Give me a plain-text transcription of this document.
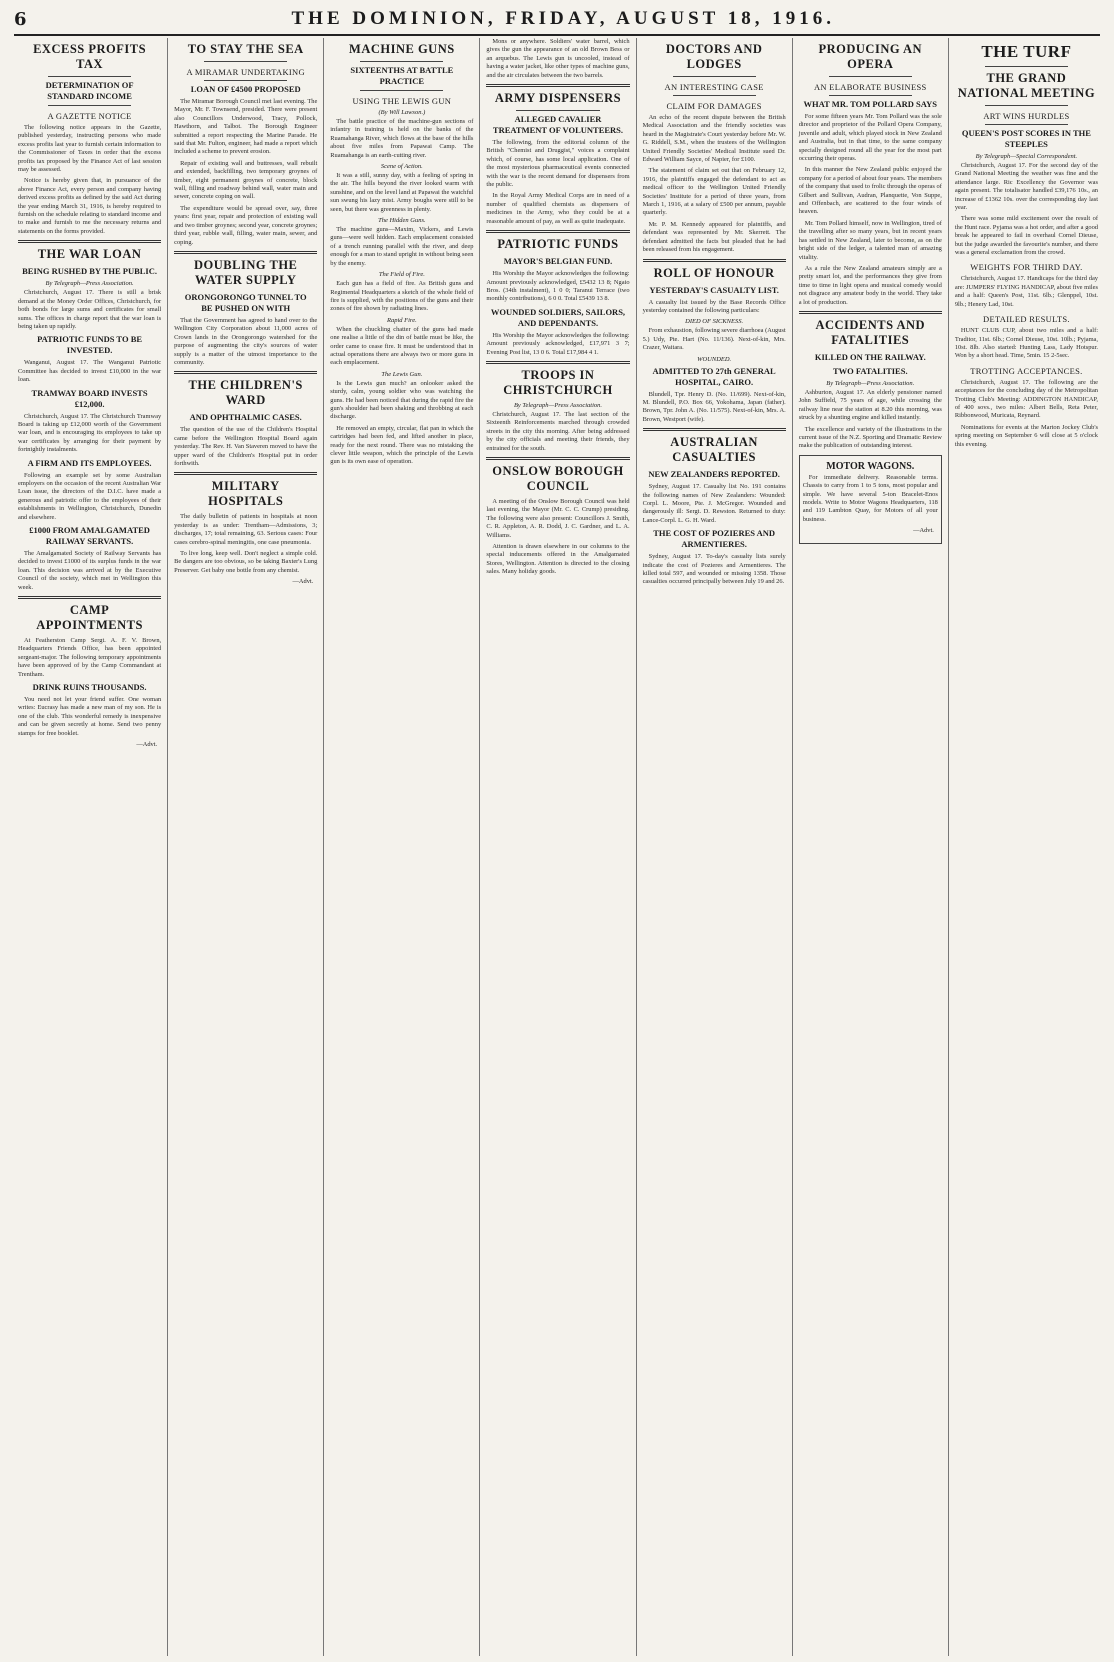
6	THE DOMINION, FRIDAY, AUGUST 18, 1916.
EXCESS PROFITS TAX
DETERMINATION OF STANDARD INCOME
A GAZETTE NOTICE

The following notice appears in the Gazette, published yesterday, instructing persons who made excess profits last year to furnish certain information to the Commissioner of Taxes in order that the excess profits tax proposed by the Finance Act of last session may be assessed.

Notice is hereby given that, in pursuance of the above Finance Act, every person and company having derived excess profits as defined by the said Act during the year ending March 31, 1916, is hereby required to furnish on the schedule relating to standard income and to make and furnish to me the necessary returns and statements on the forms provided.

THE WAR LOAN
BEING RUSHED BY THE PUBLIC.
By Telegraph—Press Association.

Christchurch, August 17. There is still a brisk demand at the Money Order Offices, Christchurch, for both bonds for large sums and certificates for small sums. The offices in charge report that the war loan is being taken up rapidly.

PATRIOTIC FUNDS TO BE INVESTED.

Wanganui, August 17. The Wanganui Patriotic Committee has decided to invest £10,000 in the war loan.

TRAMWAY BOARD INVESTS £12,000.

Christchurch, August 17. The Christchurch Tramway Board is taking up £12,000 worth of the Government war loan, and is encouraging its employees to take up war certificates by arranging for their payment by fortnightly instalments.

A FIRM AND ITS EMPLOYEES.

Following an example set by some Australian employers on the occasion of the recent Australian War Loan issue, the directors of the D.I.C. have made a generous and patriotic offer to the employees of their establishments in Wellington, Christchurch, Dunedin and elsewhere.

£1000 FROM AMALGAMATED RAILWAY SERVANTS.

The Amalgamated Society of Railway Servants has decided to invest £1000 of its surplus funds in the war loan. This decision was arrived at by the Executive Council of the society, which met in Wellington this week.

CAMP APPOINTMENTS

At Featherston Camp Sergt. A. F. V. Brown, Headquarters Friends Office, has been appointed sergeant-major. The following temporary appointments have been approved of by the Camp Commandant at Trentham.

DRINK RUINS THOUSANDS.

You need not let your friend suffer. One woman writes: Eucrasy has made a new man of my son. He is one of the club. This wonderful remedy is inexpensive and can be given secretly at home. Send two penny stamps for free booklet.

—Advt.
TO STAY THE SEA
A MIRAMAR UNDERTAKING
LOAN OF £4500 PROPOSED

The Miramar Borough Council met last evening. The Mayor, Mr. F. Townsend, presided. There were present also Councillors Underwood, Tracy, Pollock, Hawthorn, and Talbot. The Borough Engineer submitted a report respecting the Marine Parade. He said that Mr. Fulton, engineer, had made a report which included a scheme to prevent erosion.

Repair of existing wall and buttresses, wall rebuilt and extended, backfilling, two temporary groynes of timber, eight permanent groynes of concrete, block wall, filling and roadway behind wall, water main and sewer, concrete coping on wall.

The expenditure would be spread over, say, three years: first year, repair and protection of existing wall and two timber groynes; second year, concrete groynes; third year, rubble wall, filling, water main, sewer, and coping.

DOUBLING THE WATER SUPPLY
ORONGORONGO TUNNEL TO BE PUSHED ON WITH

That the Government has agreed to hand over to the Wellington City Corporation about 11,000 acres of Crown lands in the Orongorongo watershed for the purpose of augmenting the city's sources of water supply is a matter of the utmost importance to the community.

THE CHILDREN'S WARD
AND OPHTHALMIC CASES.

The question of the use of the Children's Hospital came before the Wellington Hospital Board again yesterday. The Rev. H. Van Staveren moved to have the upper ward of the Children's Hospital put in order forthwith.

MILITARY HOSPITALS

The daily bulletin of patients in hospitals at noon yesterday is as under: Trentham—Admissions, 3; discharges, 17; total remaining, 63. Serious cases: Four cases cerebro-spinal meningitis, one case pneumonia.

To live long, keep well. Don't neglect a simple cold. Be dangers are too obvious, so be taking Baxter's Lung Preserver. Get baby one bottle from any chemist.

—Advt.
MACHINE GUNS
SIXTEENTHS AT BATTLE PRACTICE
USING THE LEWIS GUN
(By Will Lawson.)

The battle practice of the machine-gun sections of infantry in training is held on the banks of the Ruamahanga River, which flows at the base of the hills about five miles from Papawai Camp. The Ruamahanga is an earth-cutting river.

Scene of Action.

It was a still, sunny day, with a feeling of spring in the air. The hills beyond the river looked warm with sunshine, and on the level land at Papawai the watchful sun swung his lazy mist. Army boughs were still to be seen, but there was greenness in plenty.

The Hidden Guns.

The machine guns—Maxim, Vickers, and Lewis guns—were well hidden. Each emplacement consisted of a trench running parallel with the river, and deep enough for a man to stand upright in without being seen by the enemy.

The Field of Fire.

Each gun has a field of fire. As British guns and Regimental Headquarters a sketch of the whole field of fire is supplied, with the positions of the guns and their zones of fire shown by radiating lines.

Rapid Fire.

When the chuckling chatter of the guns had made one realise a little of the din of battle must be like, the order came to cease fire. It must be understood that in actual operations there are always two or more guns in each emplacement.

The Lewis Gun.

Is the Lewis gun much? an onlooker asked the sturdy, calm, young soldier who was watching the guns. He had been noticed that during the rapid fire the gun's shoulder had been shaking and throbbing at each discharge.

He removed an empty, circular, flat pan in which the cartridges had been fed, and lifted another in place, ready for the next round. There was no mistaking the clever little weapon, which the principle of the Lewis gun is its own ease of operation.

Mons or anywhere. Soldiers' water barrel, which gives the gun the appearance of an old Brown Bess or an arquebus. The Lewis gun is uncooled, instead of having a water jacket, like other types of machine guns, and the air circulates between the two barrels.

ARMY DISPENSERS
ALLEGED CAVALIER TREATMENT OF VOLUNTEERS.

The following, from the editorial column of the British "Chemist and Druggist," voices a complaint which, of course, has some local application. One of the most mysterious pharmaceutical events connected with the war is the recent demand for dispensers from the public.

In the Royal Army Medical Corps are in need of a number of qualified chemists as dispensers of medicines in the Army, who they could be at a reasonable amount of pay, as well as quite inadequate.

PATRIOTIC FUNDS
MAYOR'S BELGIAN FUND.

His Worship the Mayor acknowledges the following: Amount previously acknowledged, £5432 13 8; Ngaio Bros. (34th instalment), 1 0 0; Taranui Terrace (two monthly contributions), 6 0 0. Total £5439 13 8.

WOUNDED SOLDIERS, SAILORS, AND DEPENDANTS.

His Worship the Mayor acknowledges the following: Amount previously acknowledged, £17,971 3 7; Evening Post list, 13 0 6. Total £17,984 4 1.

TROOPS IN CHRISTCHURCH
By Telegraph—Press Association.

Christchurch, August 17. The last section of the Sixteenth Reinforcements marched through crowded streets in the city this morning. After being addressed by the city officials and meeting their friends, they entrained for the south.

ONSLOW BOROUGH COUNCIL

A meeting of the Onslow Borough Council was held last evening, the Mayor (Mr. C. C. Crump) presiding. The following were also present: Councillors J. Smith, C. R. Appleton, A. R. Dodd, J. C. Gardner, and L. A. Williams.

Attention is drawn elsewhere in our columns to the special inducements offered in the Amalgamated Stores, Wellington. Attention is directed to the closing sales. Many holiday goods.

DOCTORS AND LODGES
AN INTERESTING CASE
CLAIM FOR DAMAGES

An echo of the recent dispute between the British Medical Association and the friendly societies was heard in the Magistrate's Court yesterday before Mr. W. G. Riddell, S.M., when the trustees of the Wellington United Friendly Societies' Medical Institute sued Dr. Edward William Sayce, of Napier, for £100.

The statement of claim set out that on February 12, 1916, the plaintiffs engaged the defendant to act as medical officer to the Wellington United Friendly Societies' Institute for a period of three years, from March 1, 1916, at a salary of £500 per annum, payable quarterly.

Mr. P. M. Kennedy appeared for plaintiffs, and defendant was represented by Mr. Skerrett. The defendant admitted the facts but pleaded that he had been released from his engagement.

ROLL OF HONOUR
YESTERDAY'S CASUALTY LIST.

A casualty list issued by the Base Records Office yesterday contained the following particulars:

DIED OF SICKNESS.

From exhaustion, following severe diarrhoea (August 5.) Udy, Pte. Hart (No. 11/136). Next-of-kin, Mrs. Crazer, Waitara.

WOUNDED.
ADMITTED TO 27th GENERAL HOSPITAL, CAIRO.

Blundell, Tpr. Henry D. (No. 11/699). Next-of-kin, M. Blundell, P.O. Box 66, Yokohama, Japan (father). Brown, Tpr. John A. (No. 11/575). Next-of-kin, Mrs. A. Brown, Westport (wife).

AUSTRALIAN CASUALTIES
NEW ZEALANDERS REPORTED.

Sydney, August 17. Casualty list No. 191 contains the following names of New Zealanders: Wounded: Corpl. L. Moore, Pte. J. McGregor. Wounded and dangerously ill: Sergt. D. Rewston. Returned to duty: Lance-Corpl. L. G. H. Ward.

THE COST OF POZIERES AND ARMENTIERES.

Sydney, August 17. To-day's casualty lists surely indicate the cost of Pozieres and Armentieres. The killed total 597, and wounded or missing 1358. Those casualties occurred principally between July 19 and 26.

PRODUCING AN OPERA
AN ELABORATE BUSINESS
WHAT MR. TOM POLLARD SAYS

For some fifteen years Mr. Tom Pollard was the sole director and proprietor of the Pollard Opera Company, juvenile and adult, which played stock in New Zealand and Australia, but in that time, to the same company specially designed round all the year for the most part occurring their operas.

In this manner the New Zealand public enjoyed the company for a period of about four years. The members of the company that used to frolic through the operas of Gilbert and Sullivan, Audran, Planquette, Von Suppe, and Offenbach, are scattered to the four winds of heaven.

Mr. Tom Pollard himself, now in Wellington, tired of the travelling after so many years, but in recent years has settled in New Zealand, later to become, as on the bright side of the ledger, a talented man of amazing vitality.

As a rule the New Zealand amateurs simply are a pretty smart lot, and the performances they give from time to time in light opera and musical comedy would not disgrace any amateur body in the world. They take a lot of production.

ACCIDENTS AND FATALITIES
KILLED ON THE RAILWAY.
TWO FATALITIES.
By Telegraph—Press Association.

Ashburton, August 17. An elderly pensioner named John Suffield, 75 years of age, while crossing the railway line near the station at 8.20 this morning, was struck by a shunting engine and killed instantly.

The excellence and variety of the illustrations in the current issue of the N.Z. Sporting and Dramatic Review make the publication of outstanding interest.

MOTOR WAGONS.

For immediate delivery. Reasonable terms. Chassis to carry from 1 to 5 tons, most popular and simple. We have several 5-ton Bracelet-Enos models. Write to Motor Wagons Headquarters, 118 and 119 Lambton Quay, for Motors of all your business.

—Advt.
THE TURF
THE GRAND NATIONAL MEETING
ART WINS HURDLES
QUEEN'S POST SCORES IN THE STEEPLES
By Telegraph—Special Correspondent.

Christchurch, August 17. For the second day of the Grand National Meeting the weather was fine and the attendance large. Ric Excellency the Governor was again present. The totalisator handled £39,176 10s., an increase of £1362 10s. over the corresponding day last year.

There was some mild excitement over the result of the Hunt race. Pyjama was a hot order, and after a good break he appeared to fail in overhaul Cornel Dieuse, but the judge awarded the favourite's number, and there was a general exclamation from the crowd.

WEIGHTS FOR THIRD DAY.

Christchurch, August 17. Handicaps for the third day are: JUMPERS' FLYING HANDICAP, about five miles and a half: Queen's Post, 11st. 6lb.; Glenppel, 10st. 9lb.; Henery Lad, 10st.

DETAILED RESULTS.

HUNT CLUB CUP, about two miles and a half: Traditor, 11st. 6lb.; Cornel Dieuse, 10st. 10lb.; Pyjama, 10st. 8lb. Also started: Hunting Lass, Lady Hotspur. Won by a short head. Time, 5min. 15 2-5sec.

TROTTING ACCEPTANCES.

Christchurch, August 17. The following are the acceptances for the concluding day of the Metropolitan Trotting Club's Meeting: ADDINGTON HANDICAP, of 400 sovs., two miles: Albert Bells, Reta Peter, Ribbonwood, Muricata, Reynard.

Nominations for events at the Marton Jockey Club's spring meeting on September 6 will close at 5 o'clock this evening.
